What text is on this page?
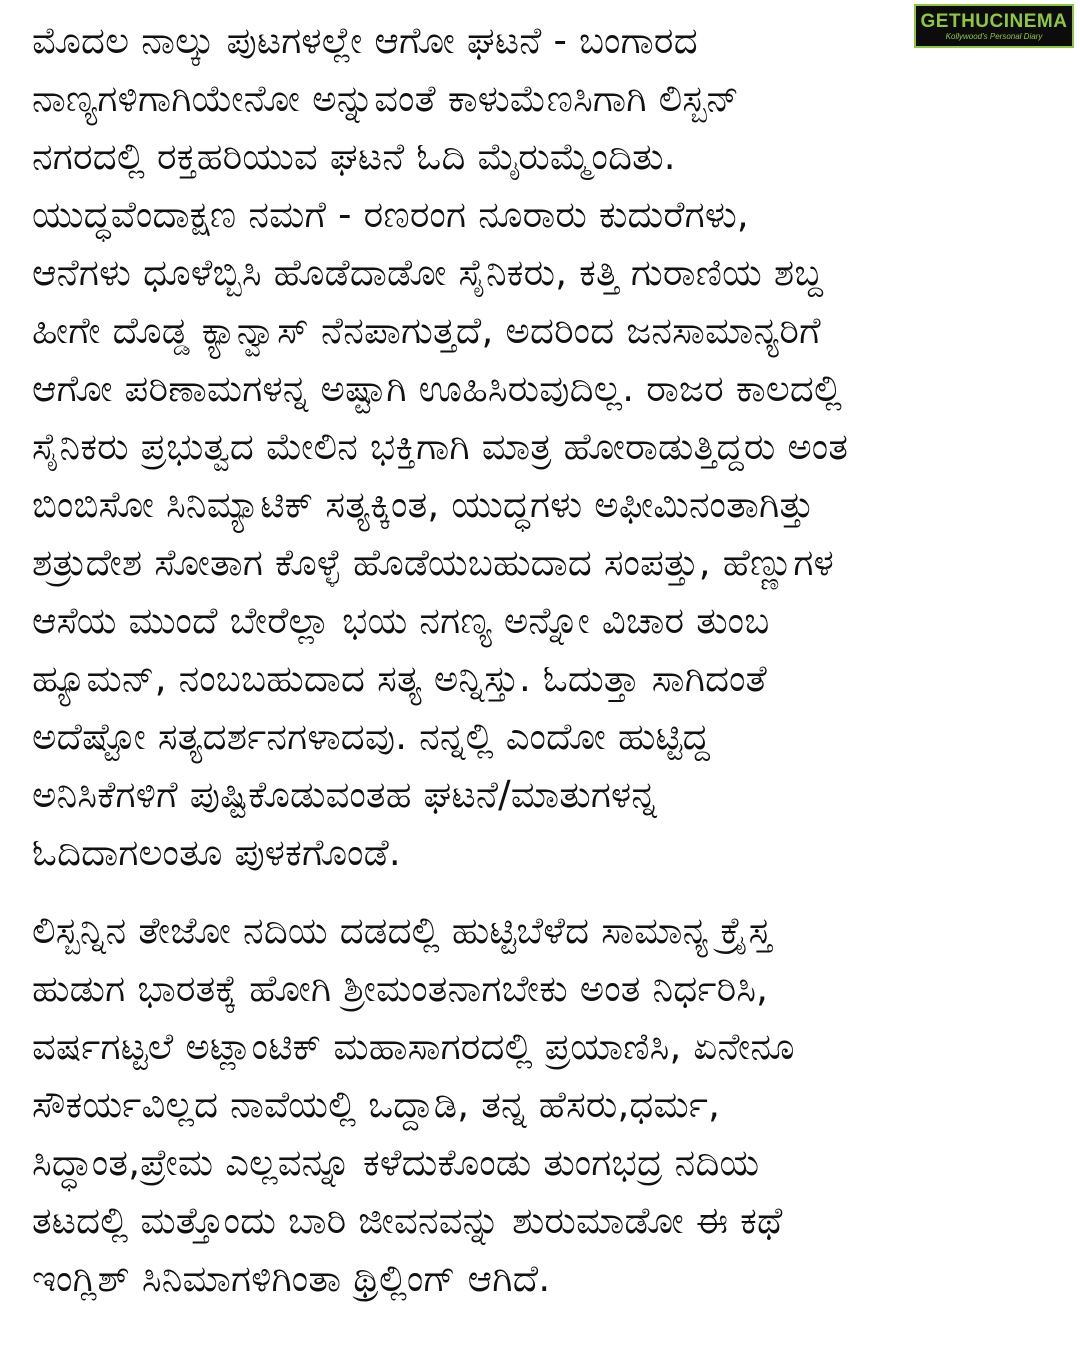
GETHUCINEMA
Kollywood's Personal Diary
ಮೊದಲ ನಾಲ್ಕು ಪುಟಗಳಲ್ಲೇ ಆಗೋ ಘಟನೆ - ಬಂಗಾರದ
ನಾಣ್ಯಗಳಿಗಾಗಿಯೇನೋ ಅನ್ನುವಂತೆ ಕಾಳುಮೆಣಸಿಗಾಗಿ ಲಿಸ್ಬನ್
ನಗರದಲ್ಲಿ ರಕ್ತಹರಿಯುವ ಘಟನೆ ಓದಿ ಮೈರುಮ್ಮೆಂದಿತು.
ಯುದ್ಧವೆಂದಾಕ್ಷಣ ನಮಗೆ - ರಣರಂಗ ನೂರಾರು ಕುದುರೆಗಳು,
ಆನೆಗಳು ಧೂಳೆಬ್ಬಿಸಿ ಹೊಡೆದಾಡೋ ಸೈನಿಕರು, ಕತ್ತಿ ಗುರಾಣಿಯ ಶಬ್ದ
ಹೀಗೇ ದೊಡ್ಡ ಕ್ಯಾನ್ವಾಸ್ ನೆನಪಾಗುತ್ತದೆ, ಅದರಿಂದ ಜನಸಾಮಾನ್ಯರಿಗೆ
ಆಗೋ ಪರಿಣಾಮಗಳನ್ನ ಅಷ್ಟಾಗಿ ಊಹಿಸಿರುವುದಿಲ್ಲ. ರಾಜರ ಕಾಲದಲ್ಲಿ
ಸೈನಿಕರು ಪ್ರಭುತ್ವದ ಮೇಲಿನ ಭಕ್ತಿಗಾಗಿ ಮಾತ್ರ ಹೋರಾಡುತ್ತಿದ್ದರು ಅಂತ
ಬಿಂಬಿಸೋ ಸಿನಿಮ್ಯಾಟಿಕ್ ಸತ್ಯಕ್ಕಿಂತ, ಯುದ್ಧಗಳು ಅಫೀಮಿನಂತಾಗಿತ್ತು
ಶತ್ರುದೇಶ ಸೋತಾಗ ಕೊಳ್ಳೆ ಹೊಡೆಯಬಹುದಾದ ಸಂಪತ್ತು, ಹೆಣ್ಣುಗಳ
ಆಸೆಯ ಮುಂದೆ ಬೇರೆಲ್ಲಾ ಭಯ ನಗಣ್ಯ ಅನ್ನೋ ವಿಚಾರ ತುಂಬ
ಹ್ಯೂಮನ್, ನಂಬಬಹುದಾದ ಸತ್ಯ ಅನ್ನಿಸ್ತು. ಓದುತ್ತಾ ಸಾಗಿದಂತೆ
ಅದೆಷ್ಟೋ ಸತ್ಯದರ್ಶನಗಳಾದವು. ನನ್ನಲ್ಲಿ ಎಂದೋ ಹುಟ್ಟಿದ್ದ
ಅನಿಸಿಕೆಗಳಿಗೆ ಪುಷ್ಟಿಕೊಡುವಂತಹ ಘಟನೆ/ಮಾತುಗಳನ್ನ
ಓದಿದಾಗಲಂತೂ ಪುಳಕಗೊಂಡೆ.
ಲಿಸ್ಬನ್ನಿನ ತೇಜೋ ನದಿಯ ದಡದಲ್ಲಿ ಹುಟ್ಟಿಬೆಳೆದ ಸಾಮಾನ್ಯ ಕ್ರೈಸ್ತ
ಹುಡುಗ ಭಾರತಕ್ಕೆ ಹೋಗಿ ಶ್ರೀಮಂತನಾಗಬೇಕು ಅಂತ ನಿರ್ಧರಿಸಿ,
ವರ್ಷಗಟ್ಟಲೆ ಅಟ್ಲಾಂಟಿಕ್ ಮಹಾಸಾಗರದಲ್ಲಿ ಪ್ರಯಾಣಿಸಿ, ಏನೇನೂ
ಸೌಕರ್ಯವಿಲ್ಲದ ನಾವೆಯಲ್ಲಿ ಒದ್ದಾಡಿ, ತನ್ನ ಹೆಸರು,ಧರ್ಮ,
ಸಿದ್ಧಾಂತ,ಪ್ರೇಮ ಎಲ್ಲವನ್ನೂ ಕಳೆದುಕೊಂಡು ತುಂಗಭದ್ರ ನದಿಯ
ತಟದಲ್ಲಿ ಮತ್ತೊಂದು ಬಾರಿ ಜೀವನವನ್ನು ಶುರುಮಾಡೋ ಈ ಕಥೆ
ಇಂಗ್ಲಿಶ್ ಸಿನಿಮಾಗಳಿಗಿಂತಾ ಥ್ರಿಲ್ಲಿಂಗ್ ಆಗಿದೆ.
